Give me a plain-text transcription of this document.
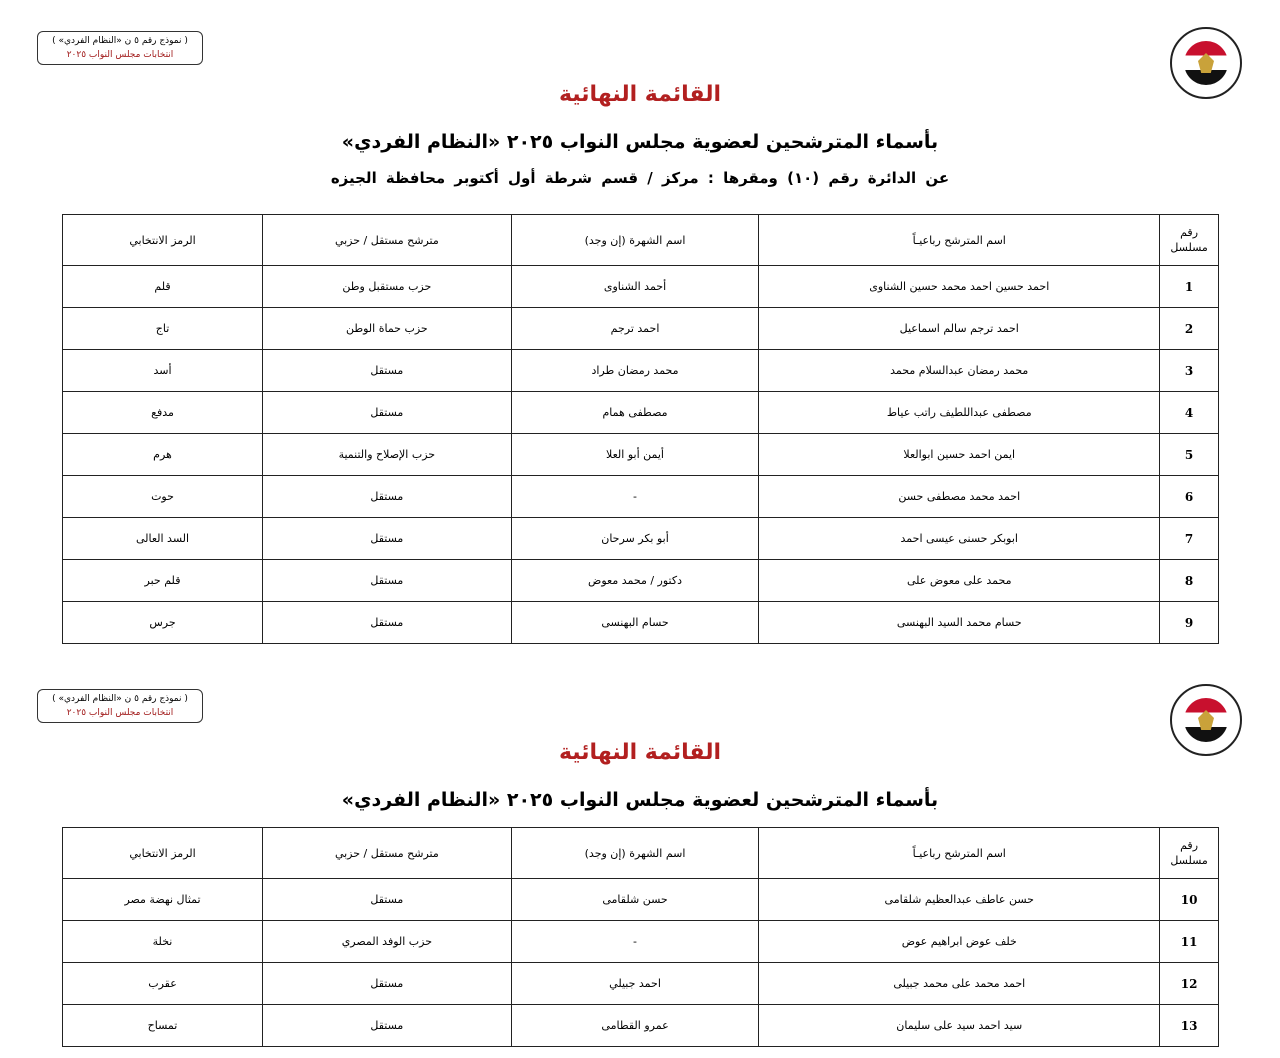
( نموذج رقم ٥ ن «النظام الفردي» )
انتخابات مجلس النواب ٢٠٢٥
القائمة النهائية
بأسماء المترشحين لعضوية مجلس النواب ٢٠٢٥ «النظام الفردي»
عن الدائرة رقم (١٠) ومقرها : مركز / قسم شرطة أول أكتوبر محافظة الجيزه
رقم مسلسل	اسم المترشح رباعيـاً	اسم الشهرة (إن وجد)	مترشح مستقل / حزبي	الرمز الانتخابي
1	احمد حسين احمد محمد حسين الشناوى	أحمد الشناوى	حزب مستقبل وطن	قلم
2	احمد ترجم سالم اسماعيل	احمد ترجم	حزب حماة الوطن	تاج
3	محمد رمضان عبدالسلام محمد	محمد رمضان طراد	مستقل	أسد
4	مصطفى عبداللطيف راتب عياط	مصطفى همام	مستقل	مدفع
5	ايمن احمد حسين ابوالعلا	أيمن أبو العلا	حزب الإصلاح والتنمية	هرم
6	احمد محمد مصطفى حسن	-	مستقل	حوت
7	ابوبكر حسنى عيسى احمد	أبو بكر سرحان	مستقل	السد العالى
8	محمد على معوض على	دكتور / محمد معوض	مستقل	قلم حبر
9	حسام محمد السيد البهنسى	حسام البهنسى	مستقل	جرس
( نموذج رقم ٥ ن «النظام الفردي» )
انتخابات مجلس النواب ٢٠٢٥
القائمة النهائية
بأسماء المترشحين لعضوية مجلس النواب ٢٠٢٥ «النظام الفردي»
رقم مسلسل	اسم المترشح رباعيـاً	اسم الشهرة (إن وجد)	مترشح مستقل / حزبي	الرمز الانتخابي
10	حسن عاطف عبدالعظيم شلقامى	حسن شلقامى	مستقل	تمثال نهضة مصر
11	خلف عوض ابراهيم عوض	-	حزب الوفد المصري	نخلة
12	احمد محمد على محمد جبيلى	احمد جبيلي	مستقل	عقرب
13	سيد احمد سيد على سليمان	عمرو القطامى	مستقل	تمساح
